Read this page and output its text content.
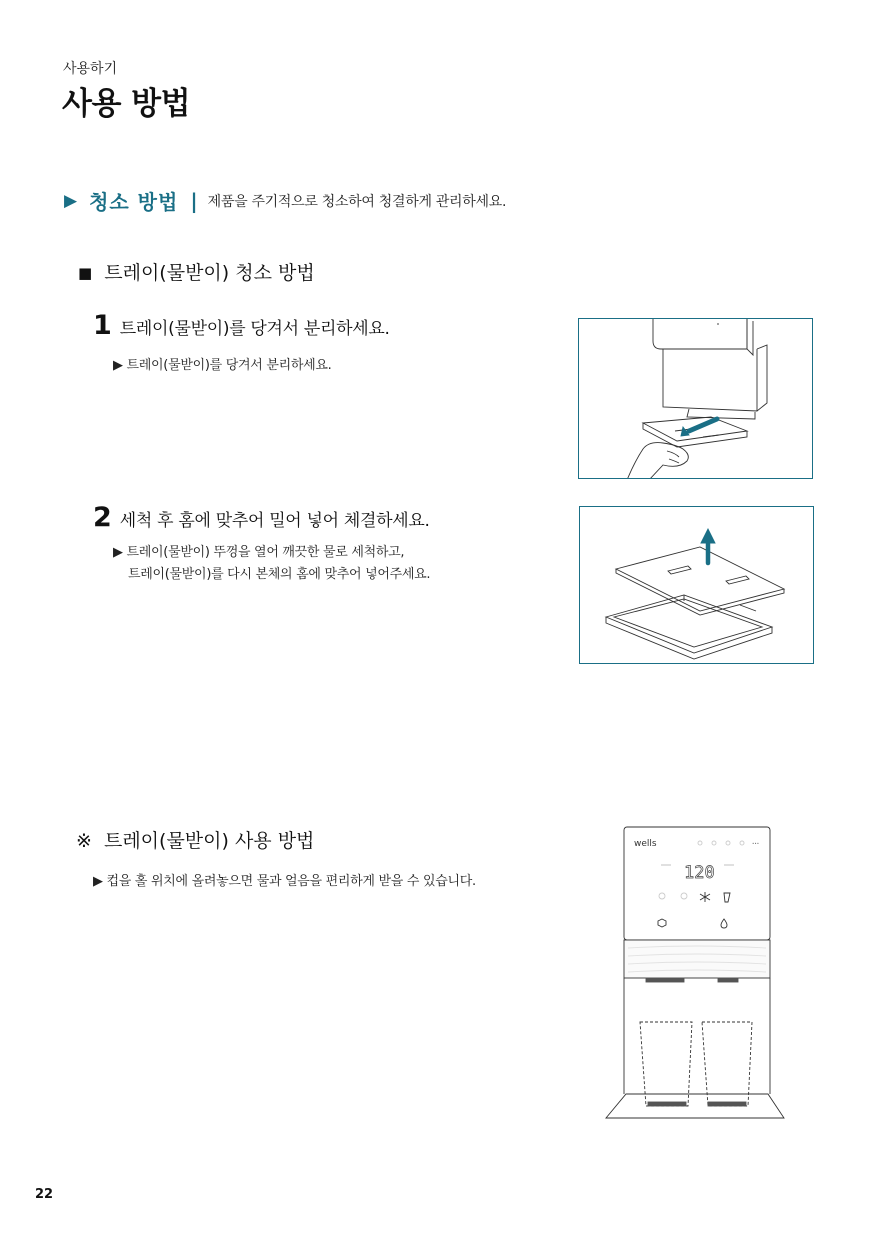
사용하기
사용 방법
▶ 청소 방법 | 제품을 주기적으로 청소하여 청결하게 관리하세요.
■ 트레이(물받이) 청소 방법
1 트레이(물받이)를 당겨서 분리하세요.
▶ 트레이(물받이)를 당겨서 분리하세요.
2 세척 후 홈에 맞추어 밀어 넣어 체결하세요.
▶ 트레이(물받이) 뚜껑을 열어 깨끗한 물로 세척하고,
트레이(물받이)를 다시 본체의 홈에 맞추어 넣어주세요.
※ 트레이(물받이) 사용 방법
▶ 컵을 홀 위치에 올려놓으면 물과 얼음을 편리하게 받을 수 있습니다.
wells	•••
120
22
